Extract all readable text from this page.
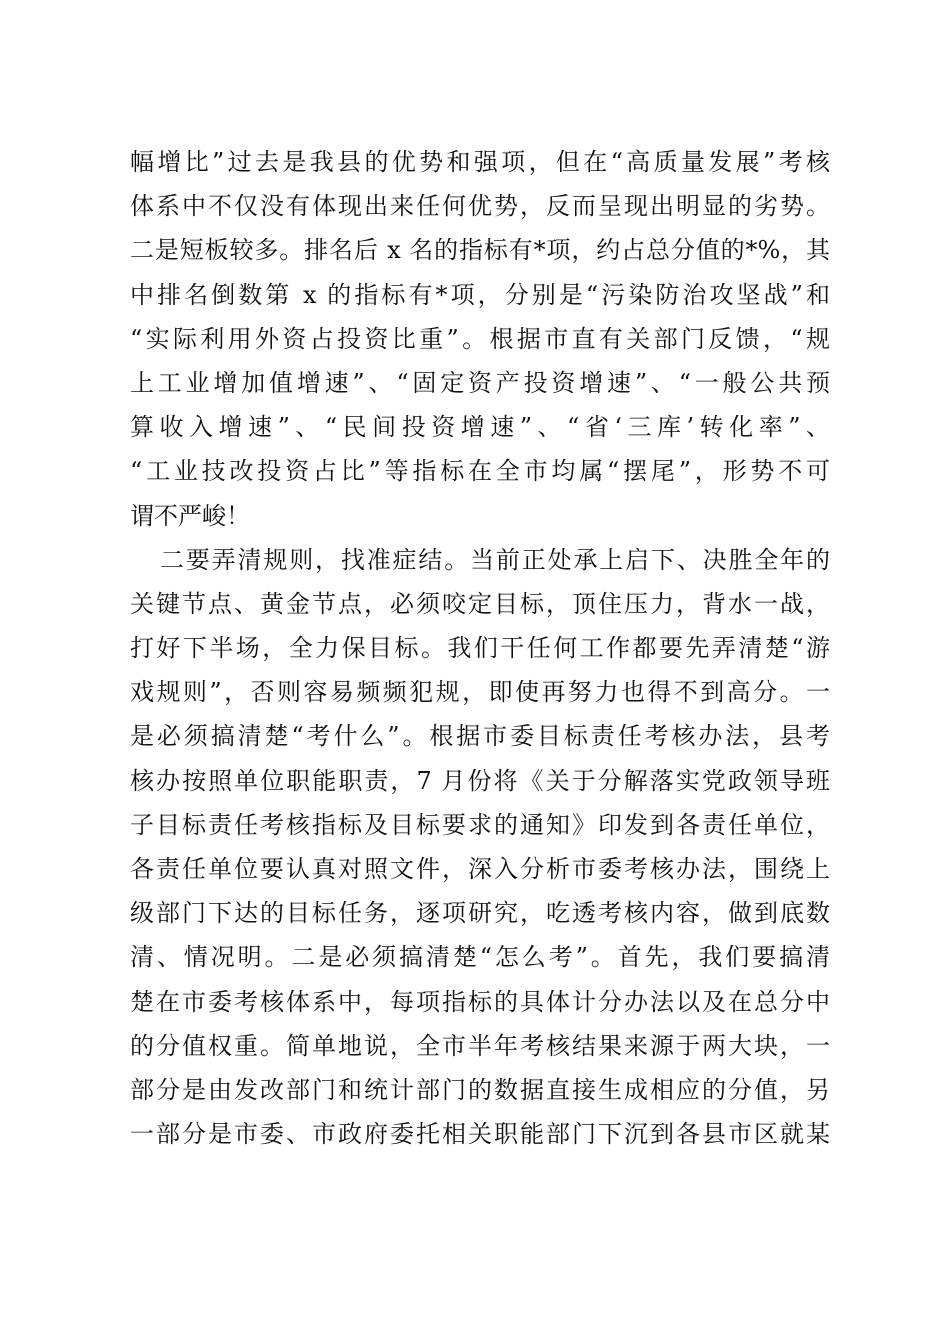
幅增比”过去是我县的优势和强项，但在“高质量发展”考核
体系中不仅没有体现出来任何优势，反而呈现出明显的劣势。
二是短板较多。排名后 x 名的指标有*项，约占总分值的*%，其
中排名倒数第 x 的指标有*项，分别是“污染防治攻坚战”和
“实际利用外资占投资比重”。根据市直有关部门反馈，“规
上工业增加值增速”、“固定资产投资增速”、“一般公共预
算收入增速”、“民间投资增速”、“省‘三库’转化率”、
“工业技改投资占比”等指标在全市均属“摆尾”，形势不可
谓不严峻！
二要弄清规则，找准症结。当前正处承上启下、决胜全年的
关键节点、黄金节点，必须咬定目标，顶住压力，背水一战，
打好下半场，全力保目标。我们干任何工作都要先弄清楚“游
戏规则”，否则容易频频犯规，即使再努力也得不到高分。一
是必须搞清楚“考什么”。根据市委目标责任考核办法，县考
核办按照单位职能职责，7 月份将《关于分解落实党政领导班
子目标责任考核指标及目标要求的通知》印发到各责任单位，
各责任单位要认真对照文件，深入分析市委考核办法，围绕上
级部门下达的目标任务，逐项研究，吃透考核内容，做到底数
清、情况明。二是必须搞清楚“怎么考”。首先，我们要搞清
楚在市委考核体系中，每项指标的具体计分办法以及在总分中
的分值权重。简单地说，全市半年考核结果来源于两大块，一
部分是由发改部门和统计部门的数据直接生成相应的分值，另
一部分是市委、市政府委托相关职能部门下沉到各县市区就某
